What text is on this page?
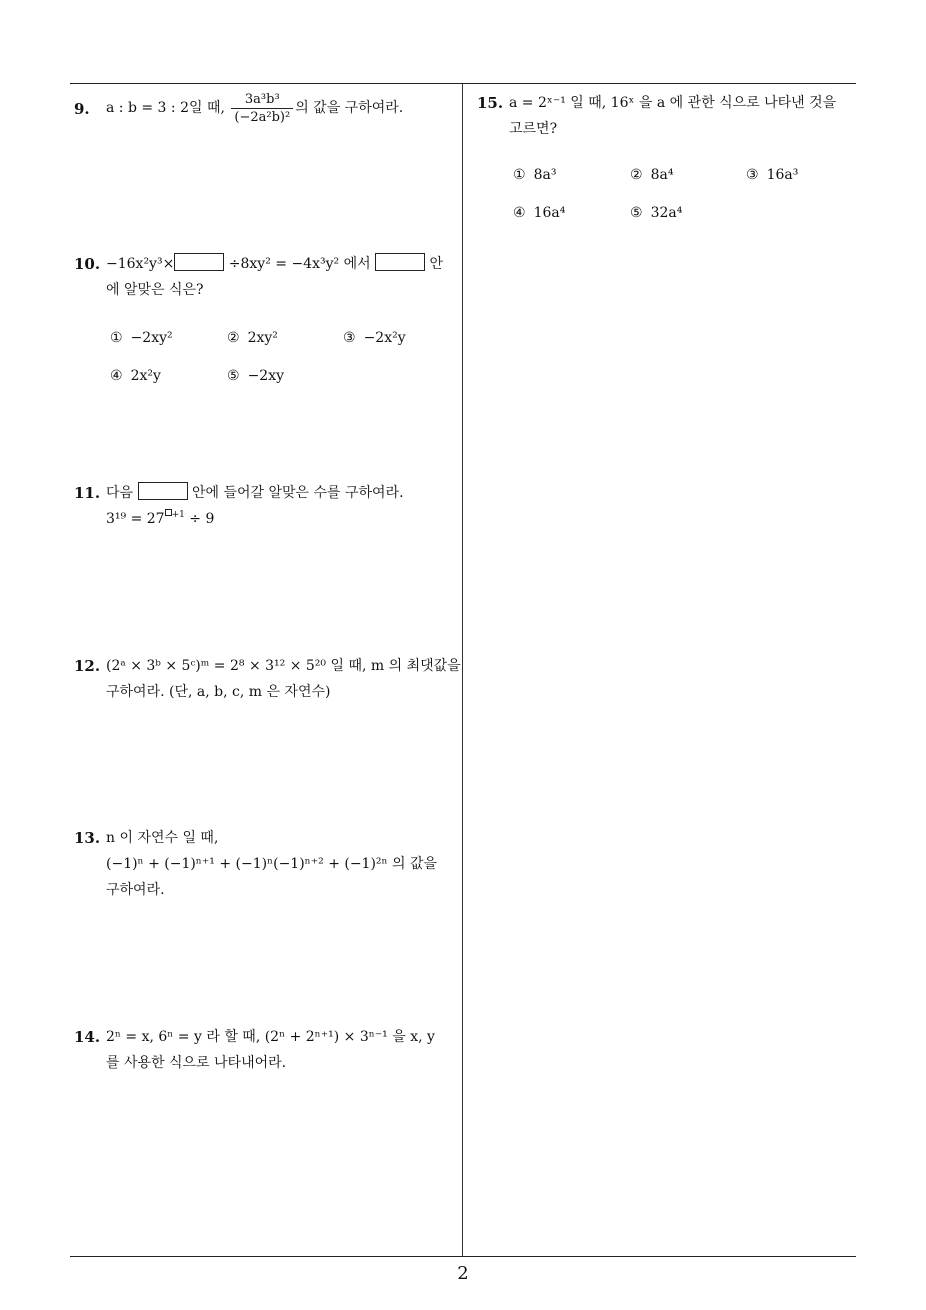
9.	a : b = 3 : 2일 때, $\frac{\text{3a³b³}}{\text{(−2a²b)²}}$ 의 값을 구하여라.
10. −16x²y³×	÷8xy² = −4x³y² 에서	안
에 알맞은 식은?
① −2xy²	② 2xy²	③ −2x²y
④ 2x²y	⑤ −2xy
11. 다음	안에 들어갈 알맞은 수를 구하여라.
3¹⁹ = 27 $^{+1}$ ÷ 9
12. (2ᵃ × 3ᵇ × 5ᶜ)ᵐ = 2⁸ × 3¹² × 5²⁰ 일 때, m 의 최댓값을
구하여라. (단, a, b, c, m 은 자연수)
13. n 이 자연수 일 때,
(−1)ⁿ + (−1)ⁿ⁺¹ + (−1)ⁿ(−1)ⁿ⁺² + (−1)²ⁿ 의 값을
구하여라.
14. 2ⁿ = x, 6ⁿ = y 라 할 때, (2ⁿ + 2ⁿ⁺¹) × 3ⁿ⁻¹ 을 x, y
를 사용한 식으로 나타내어라.
15. a = 2ˣ⁻¹ 일 때, 16ˣ 을 a 에 관한 식으로 나타낸 것을
고르면?
① 8a³	② 8a⁴	③ 16a³
④ 16a⁴	⑤ 32a⁴
2
